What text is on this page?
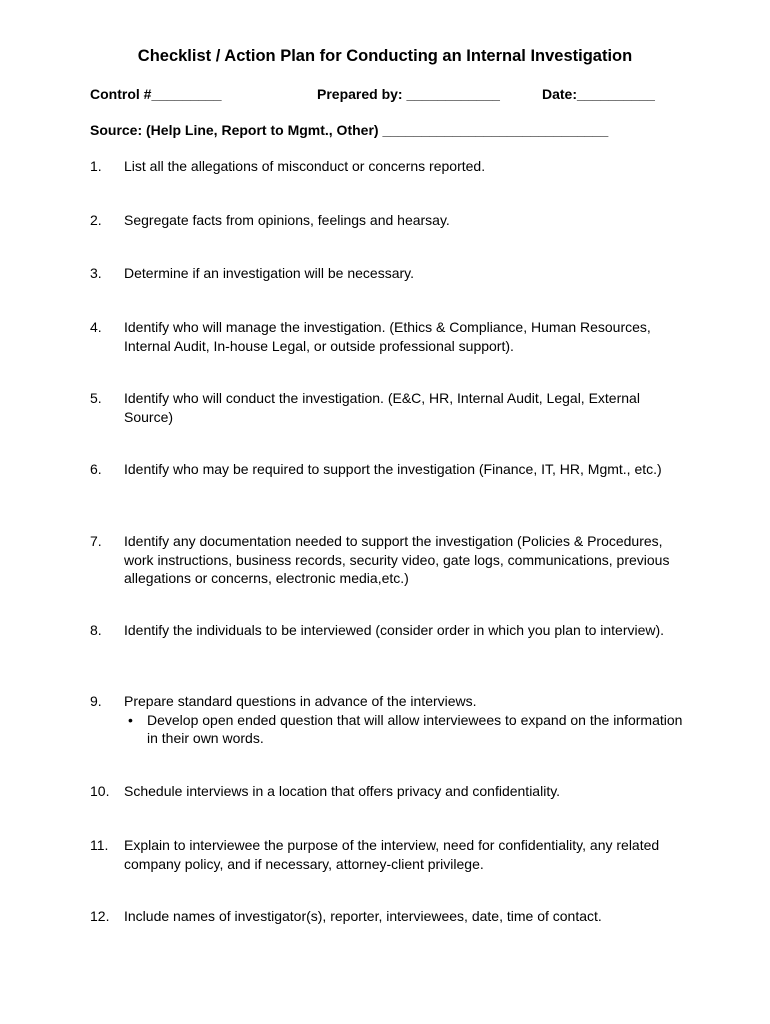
Checklist / Action Plan for Conducting an Internal Investigation
Control #_________	Prepared by: ____________	Date:__________
Source: (Help Line, Report to Mgmt., Other) _____________________________
1.	List all the allegations of misconduct or concerns reported.
2.	Segregate facts from opinions, feelings and hearsay.
3.	Determine if an investigation will be necessary.
4.	Identify who will manage the investigation. (Ethics & Compliance, Human Resources, Internal Audit, In-house Legal, or outside professional support).
5.	Identify who will conduct the investigation. (E&C, HR, Internal Audit, Legal, External Source)
6.	Identify who may be required to support the investigation (Finance, IT, HR, Mgmt., etc.)
7.	Identify any documentation needed to support the investigation (Policies & Procedures, work instructions, business records, security video, gate logs, communications, previous allegations or concerns, electronic media,etc.)
8.	Identify the individuals to be interviewed (consider order in which you plan to interview).
9.	Prepare standard questions in advance of the interviews.
• Develop open ended question that will allow interviewees to expand on the information in their own words.
10.	Schedule interviews in a location that offers privacy and confidentiality.
11.	Explain to interviewee the purpose of the interview, need for confidentiality, any related company policy, and if necessary, attorney-client privilege.
12.	Include names of investigator(s), reporter, interviewees, date, time of contact.
